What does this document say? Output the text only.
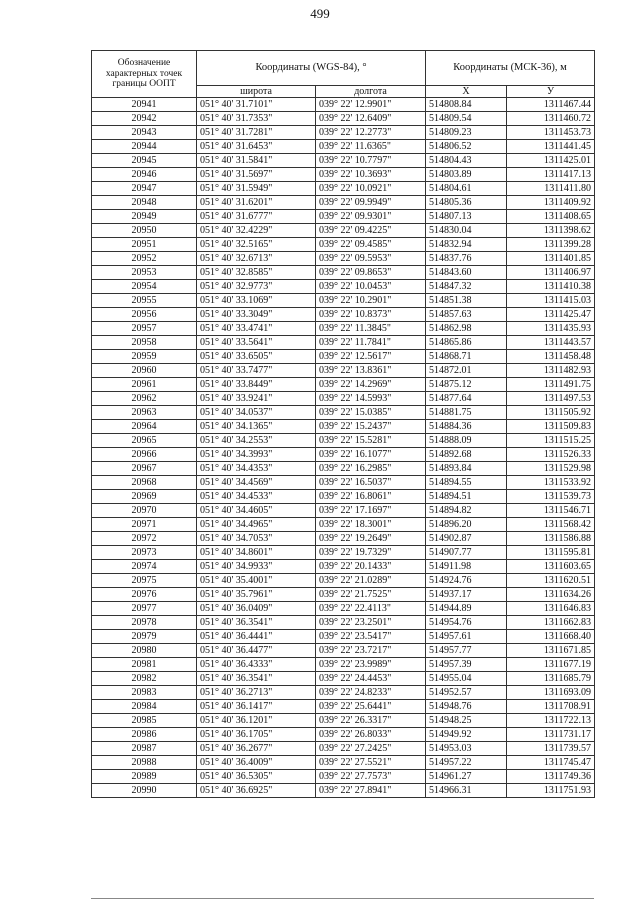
499
Обозначение характерных точек границы ООПТ	Координаты (WGS-84), °		Координаты (МСК-36), м	
	широта	долгота	X	У
20941	051° 40' 31.7101"	039° 22' 12.9901"	514808.84	1311467.44
20942	051° 40' 31.7353"	039° 22' 12.6409"	514809.54	1311460.72
20943	051° 40' 31.7281"	039° 22' 12.2773"	514809.23	1311453.73
20944	051° 40' 31.6453"	039° 22' 11.6365"	514806.52	1311441.45
20945	051° 40' 31.5841"	039° 22' 10.7797"	514804.43	1311425.01
20946	051° 40' 31.5697"	039° 22' 10.3693"	514803.89	1311417.13
20947	051° 40' 31.5949"	039° 22' 10.0921"	514804.61	1311411.80
20948	051° 40' 31.6201"	039° 22' 09.9949"	514805.36	1311409.92
20949	051° 40' 31.6777"	039° 22' 09.9301"	514807.13	1311408.65
20950	051° 40' 32.4229"	039° 22' 09.4225"	514830.04	1311398.62
20951	051° 40' 32.5165"	039° 22' 09.4585"	514832.94	1311399.28
20952	051° 40' 32.6713"	039° 22' 09.5953"	514837.76	1311401.85
20953	051° 40' 32.8585"	039° 22' 09.8653"	514843.60	1311406.97
20954	051° 40' 32.9773"	039° 22' 10.0453"	514847.32	1311410.38
20955	051° 40' 33.1069"	039° 22' 10.2901"	514851.38	1311415.03
20956	051° 40' 33.3049"	039° 22' 10.8373"	514857.63	1311425.47
20957	051° 40' 33.4741"	039° 22' 11.3845"	514862.98	1311435.93
20958	051° 40' 33.5641"	039° 22' 11.7841"	514865.86	1311443.57
20959	051° 40' 33.6505"	039° 22' 12.5617"	514868.71	1311458.48
20960	051° 40' 33.7477"	039° 22' 13.8361"	514872.01	1311482.93
20961	051° 40' 33.8449"	039° 22' 14.2969"	514875.12	1311491.75
20962	051° 40' 33.9241"	039° 22' 14.5993"	514877.64	1311497.53
20963	051° 40' 34.0537"	039° 22' 15.0385"	514881.75	1311505.92
20964	051° 40' 34.1365"	039° 22' 15.2437"	514884.36	1311509.83
20965	051° 40' 34.2553"	039° 22' 15.5281"	514888.09	1311515.25
20966	051° 40' 34.3993"	039° 22' 16.1077"	514892.68	1311526.33
20967	051° 40' 34.4353"	039° 22' 16.2985"	514893.84	1311529.98
20968	051° 40' 34.4569"	039° 22' 16.5037"	514894.55	1311533.92
20969	051° 40' 34.4533"	039° 22' 16.8061"	514894.51	1311539.73
20970	051° 40' 34.4605"	039° 22' 17.1697"	514894.82	1311546.71
20971	051° 40' 34.4965"	039° 22' 18.3001"	514896.20	1311568.42
20972	051° 40' 34.7053"	039° 22' 19.2649"	514902.87	1311586.88
20973	051° 40' 34.8601"	039° 22' 19.7329"	514907.77	1311595.81
20974	051° 40' 34.9933"	039° 22' 20.1433"	514911.98	1311603.65
20975	051° 40' 35.4001"	039° 22' 21.0289"	514924.76	1311620.51
20976	051° 40' 35.7961"	039° 22' 21.7525"	514937.17	1311634.26
20977	051° 40' 36.0409"	039° 22' 22.4113"	514944.89	1311646.83
20978	051° 40' 36.3541"	039° 22' 23.2501"	514954.76	1311662.83
20979	051° 40' 36.4441"	039° 22' 23.5417"	514957.61	1311668.40
20980	051° 40' 36.4477"	039° 22' 23.7217"	514957.77	1311671.85
20981	051° 40' 36.4333"	039° 22' 23.9989"	514957.39	1311677.19
20982	051° 40' 36.3541"	039° 22' 24.4453"	514955.04	1311685.79
20983	051° 40' 36.2713"	039° 22' 24.8233"	514952.57	1311693.09
20984	051° 40' 36.1417"	039° 22' 25.6441"	514948.76	1311708.91
20985	051° 40' 36.1201"	039° 22' 26.3317"	514948.25	1311722.13
20986	051° 40' 36.1705"	039° 22' 26.8033"	514949.92	1311731.17
20987	051° 40' 36.2677"	039° 22' 27.2425"	514953.03	1311739.57
20988	051° 40' 36.4009"	039° 22' 27.5521"	514957.22	1311745.47
20989	051° 40' 36.5305"	039° 22' 27.7573"	514961.27	1311749.36
20990	051° 40' 36.6925"	039° 22' 27.8941"	514966.31	1311751.93
